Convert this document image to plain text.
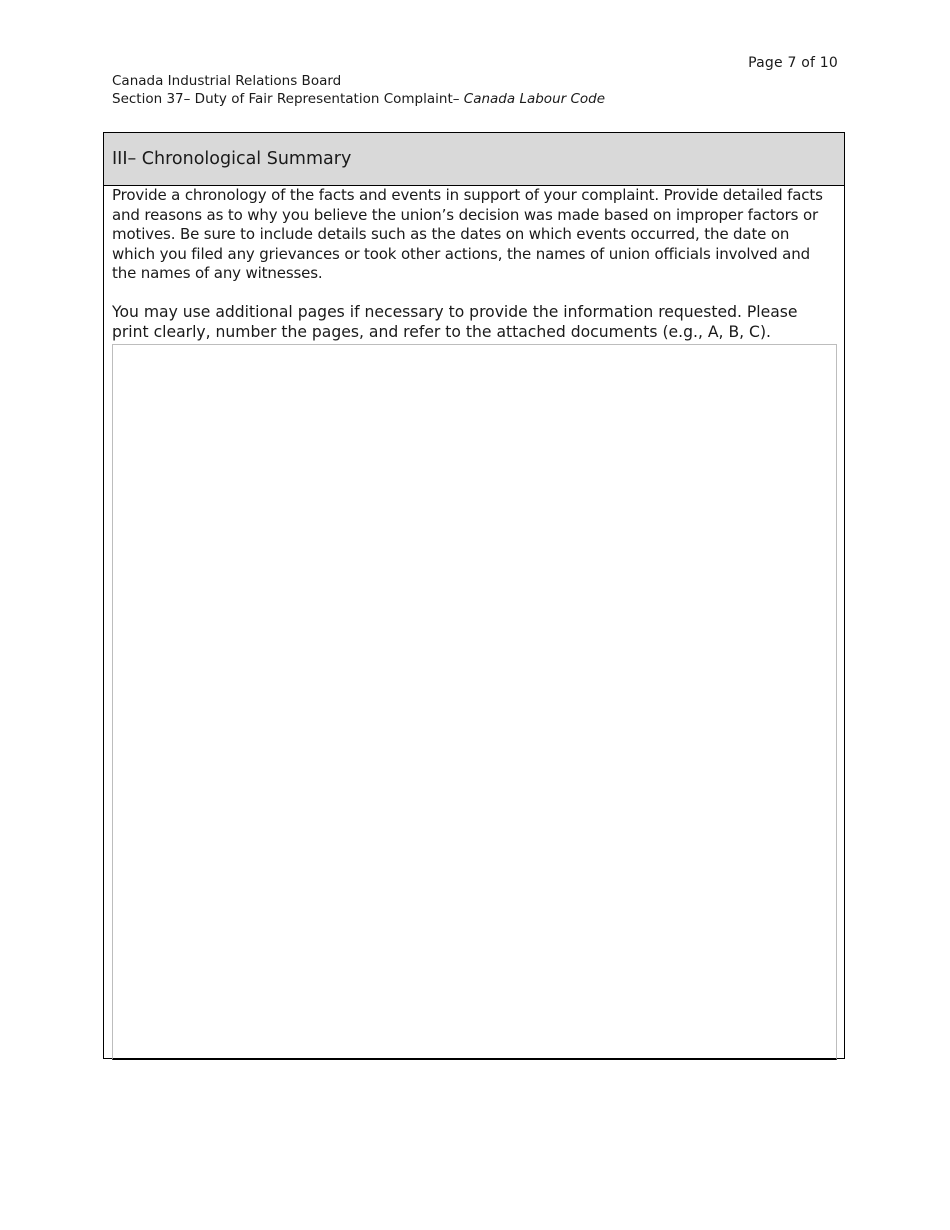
Page 7 of 10
Canada Industrial Relations Board
Section 37– Duty of Fair Representation Complaint– Canada Labour Code
III– Chronological Summary

Provide a chronology of the facts and events in support of your complaint. Provide detailed facts and reasons as to why you believe the union’s decision was made based on improper factors or motives. Be sure to include details such as the dates on which events occurred, the date on which you filed any grievances or took other actions, the names of union officials involved and the names of any witnesses.

You may use additional pages if necessary to provide the information requested. Please print clearly, number the pages, and refer to the attached documents (e.g., A, B, C).
